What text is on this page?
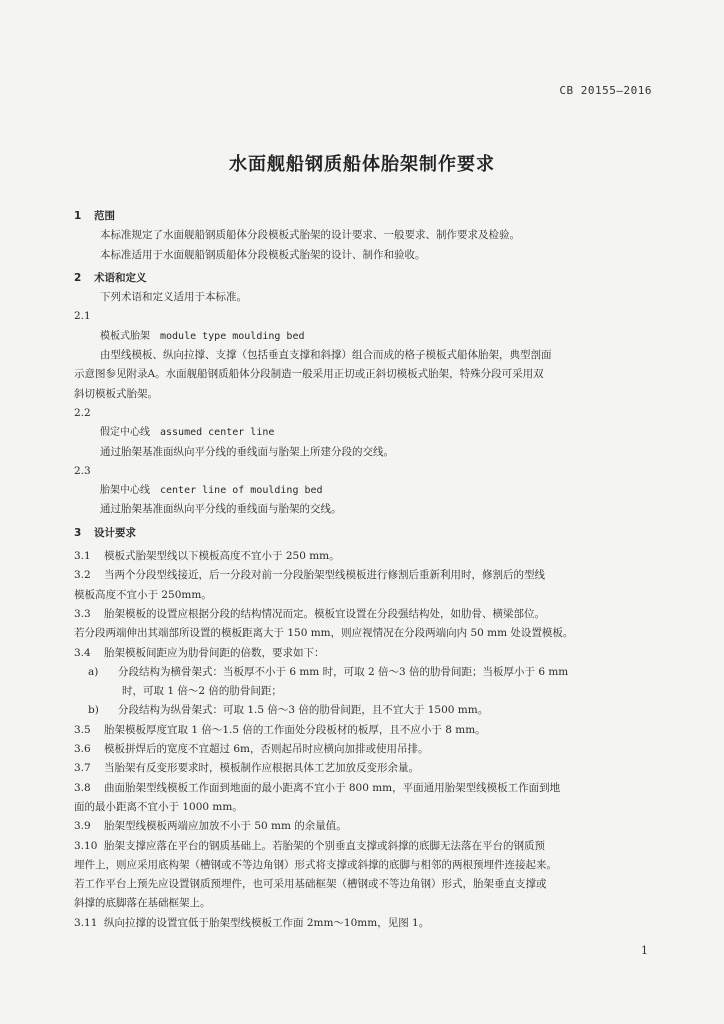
CB 20155—2016
水面舰船钢质船体胎架制作要求
1 范围
本标准规定了水面舰船钢质船体分段模板式胎架的设计要求、一般要求、制作要求及检验。
本标准适用于水面舰船钢质船体分段模板式胎架的设计、制作和验收。
2 术语和定义
下列术语和定义适用于本标准。
2.1
模板式胎架　module type moulding bed
由型线模板、纵向拉撑、支撑（包括垂直支撑和斜撑）组合而成的格子模板式船体胎架，典型剖面
示意图参见附录A。水面舰船钢质船体分段制造一般采用正切或正斜切模板式胎架，特殊分段可采用双
斜切模板式胎架。
2.2
假定中心线　assumed center line
通过胎架基准面纵向平分线的垂线面与胎架上所建分段的交线。
2.3
胎架中心线　center line of moulding bed
通过胎架基准面纵向平分线的垂线面与胎架的交线。
3 设计要求
3.1 模板式胎架型线以下模板高度不宜小于 250 mm。
3.2 当两个分段型线接近，后一分段对前一分段胎架型线模板进行修割后重新利用时，修割后的型线
模板高度不宜小于 250mm。
3.3 胎架模板的设置应根据分段的结构情况而定。模板宜设置在分段强结构处，如肋骨、横梁部位。
若分段两端伸出其端部所设置的模板距离大于 150 mm，则应视情况在分段两端向内 50 mm 处设置模板。
3.4 胎架模板间距应为肋骨间距的倍数，要求如下：
a) 分段结构为横骨架式：当板厚不小于 6 mm 时，可取 2 倍～3 倍的肋骨间距；当板厚小于 6 mm
时，可取 1 倍～2 倍的肋骨间距；
b) 分段结构为纵骨架式：可取 1.5 倍～3 倍的肋骨间距，且不宜大于 1500 mm。
3.5 胎架模板厚度宜取 1 倍～1.5 倍的工作面处分段板材的板厚，且不应小于 8 mm。
3.6 模板拼焊后的宽度不宜超过 6m，否则起吊时应横向加排或使用吊排。
3.7 当胎架有反变形要求时，模板制作应根据具体工艺加放反变形余量。
3.8 曲面胎架型线模板工作面到地面的最小距离不宜小于 800 mm，平面通用胎架型线模板工作面到地
面的最小距离不宜小于 1000 mm。
3.9 胎架型线模板两端应加放不小于 50 mm 的余量值。
3.10 胎架支撑应落在平台的钢质基础上。若胎架的个别垂直支撑或斜撑的底脚无法落在平台的钢质预
埋件上，则应采用底构架（槽钢或不等边角钢）形式将支撑或斜撑的底脚与相邻的两根预埋件连接起来。
若工作平台上预先应设置钢质预埋件，也可采用基础框架（槽钢或不等边角钢）形式，胎架垂直支撑或
斜撑的底脚落在基础框架上。
3.11 纵向拉撑的设置宜低于胎架型线模板工作面 2mm～10mm，见图 1。
1
